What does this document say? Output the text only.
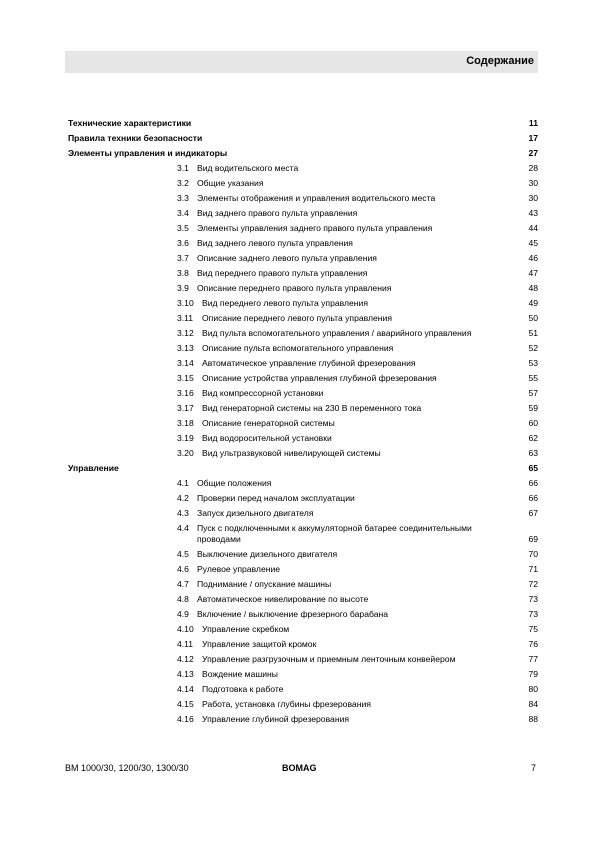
Содержание
Технические характеристики	11
Правила техники безопасности	17
Элементы управления и индикаторы	27
3.1 Вид водительского места	28
3.2 Общие указания	30
3.3 Элементы отображения и управления водительского места	30
3.4 Вид заднего правого пульта управления	43
3.5 Элементы управления заднего правого пульта управления	44
3.6 Вид заднего левого пульта управления	45
3.7 Описание заднего левого пульта управления	46
3.8 Вид переднего правого пульта управления	47
3.9 Описание переднего правого пульта управления	48
3.10 Вид переднего левого пульта управления	49
3.11 Описание переднего левого пульта управления	50
3.12 Вид пульта вспомогательного управления / аварийного управления	51
3.13 Описание пульта вспомогательного управления	52
3.14 Автоматическое управление глубиной фрезерования	53
3.15 Описание устройства управления глубиной фрезерования	55
3.16 Вид компрессорной установки	57
3.17 Вид генераторной системы на 230 В переменного тока	59
3.18 Описание генераторной системы	60
3.19 Вид водоросительной установки	62
3.20 Вид ультразвуковой нивелирующей системы	63
Управление	65
4.1 Общие положения	66
4.2 Проверки перед началом эксплуатации	66
4.3 Запуск дизельного двигателя	67
4.4 Пуск с подключенными к аккумуляторной батарее соединительными проводами	69
4.5 Выключение дизельного двигателя	70
4.6 Рулевое управление	71
4.7 Поднимание / опускание машины	72
4.8 Автоматическое нивелирование по высоте	73
4.9 Включение / выключение фрезерного барабана	73
4.10 Управление скребком	75
4.11 Управление защитой кромок	76
4.12 Управление разгрузочным и приемным ленточным конвейером	77
4.13 Вождение машины	79
4.14 Подготовка к работе	80
4.15 Работа, установка глубины фрезерования	84
4.16 Управление глубиной фрезерования	88
BM 1000/30, 1200/30, 1300/30	BOMAG	7
